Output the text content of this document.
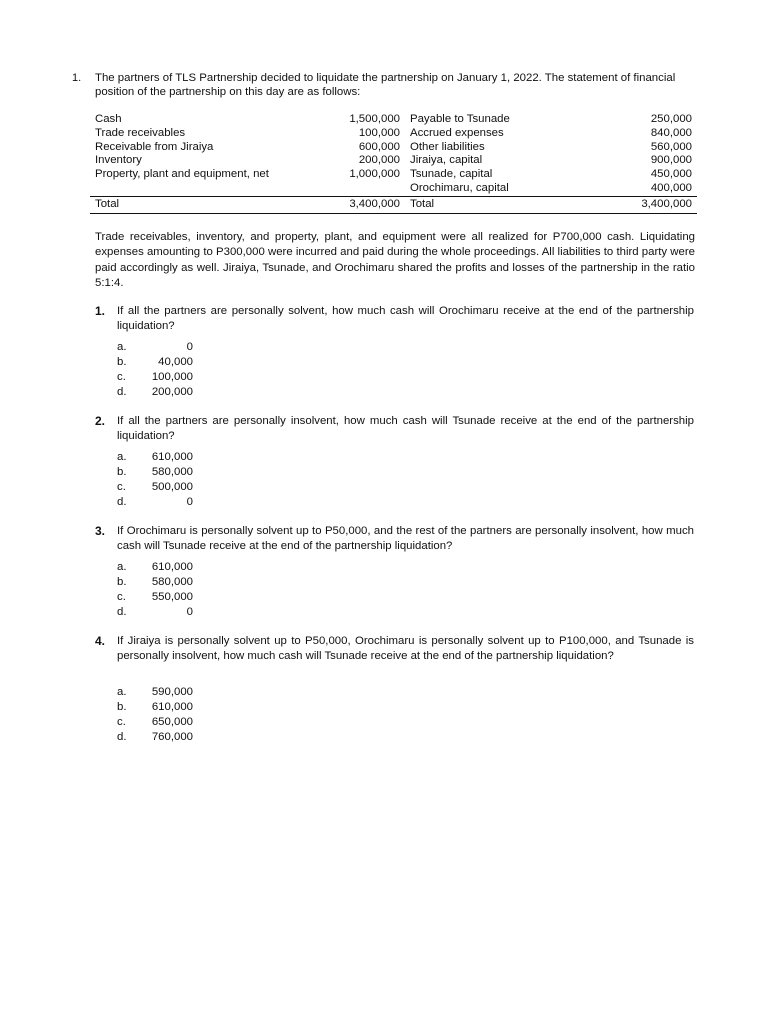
1. The partners of TLS Partnership decided to liquidate the partnership on January 1, 2022. The statement of financial position of the partnership on this day are as follows:
Cash	1,500,000	Payable to Tsunade	250,000
Trade receivables	100,000	Accrued expenses	840,000
Receivable from Jiraiya	600,000	Other liabilities	560,000
Inventory	200,000	Jiraiya, capital	900,000
Property, plant and equipment, net	1,000,000	Tsunade, capital	450,000
		Orochimaru, capital	400,000
Total	3,400,000	Total	3,400,000
Trade receivables, inventory, and property, plant, and equipment were all realized for P700,000 cash. Liquidating expenses amounting to P300,000 were incurred and paid during the whole proceedings. All liabilities to third party were paid accordingly as well. Jiraiya, Tsunade, and Orochimaru shared the profits and losses of the partnership in the ratio 5:1:4.
1. If all the partners are personally solvent, how much cash will Orochimaru receive at the end of the partnership liquidation?
a.	0
b.	40,000
c.	100,000
d.	200,000
2. If all the partners are personally insolvent, how much cash will Tsunade receive at the end of the partnership liquidation?
a.	610,000
b.	580,000
c.	500,000
d.	0
3. If Orochimaru is personally solvent up to P50,000, and the rest of the partners are personally insolvent, how much cash will Tsunade receive at the end of the partnership liquidation?
a.	610,000
b.	580,000
c.	550,000
d.	0
4. If Jiraiya is personally solvent up to P50,000, Orochimaru is personally solvent up to P100,000, and Tsunade is personally insolvent, how much cash will Tsunade receive at the end of the partnership liquidation?
a.	590,000
b.	610,000
c.	650,000
d.	760,000
